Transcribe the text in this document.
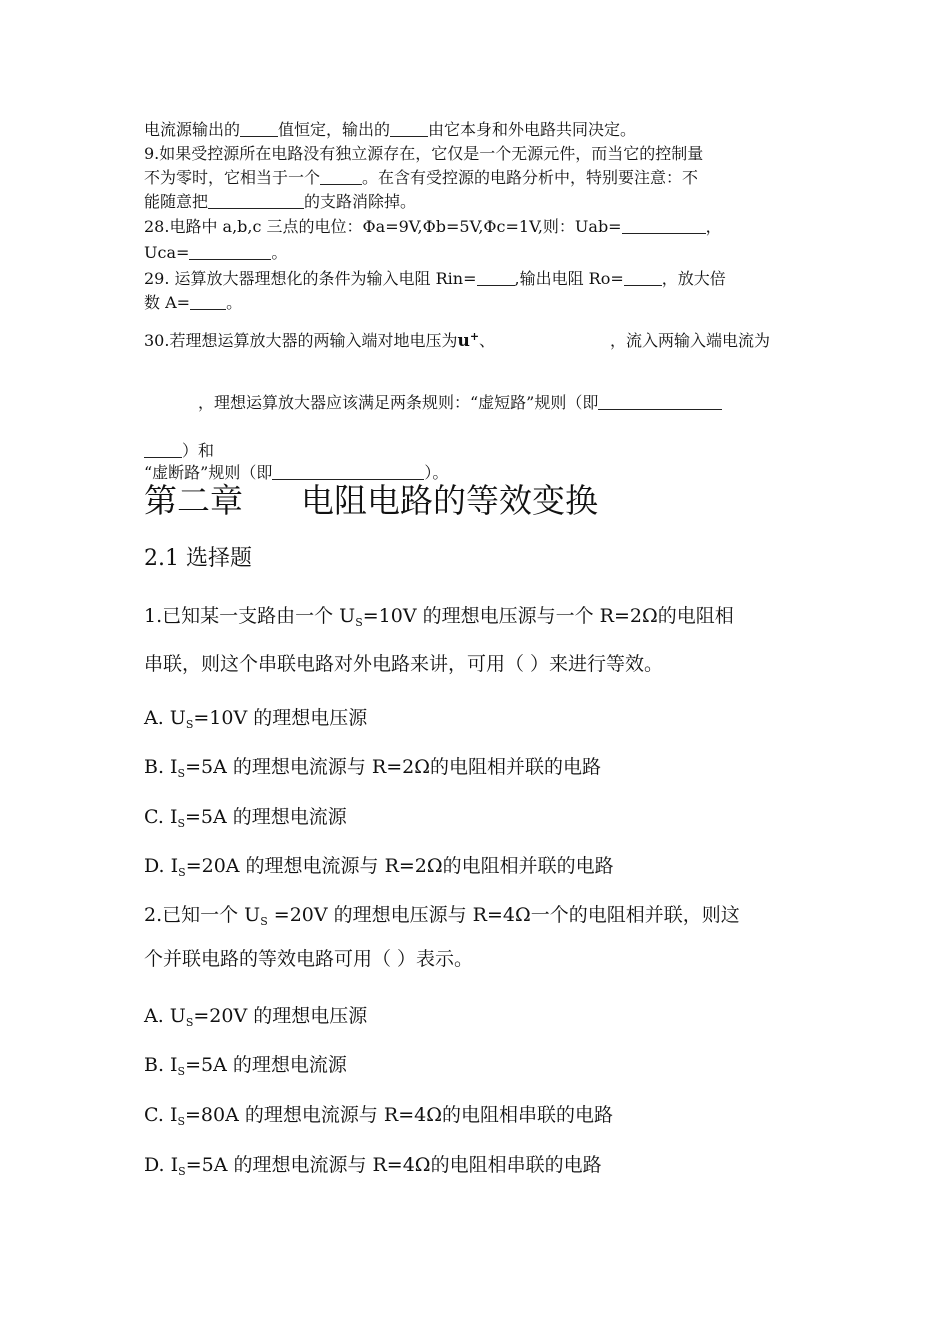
电流源输出的 值恒定，输出的 由它本身和外电路共同决定。
9.如果受控源所在电路没有独立源存在，它仅是一个无源元件，而当它的控制量
不为零时，它相当于一个	。在含有受控源的电路分析中，特别要注意：不
能随意把	的支路消除掉。
28.电路中 a,b,c 三点的电位：Φa=9V,Φb=5V,Φc=1V,则：Uab=	，
Uca=	。
29. 运算放大器理想化的条件为输入电阻 Rin= ,输出电阻 Ro= ，放大倍
数 A= 。
30.若理想运算放大器的两输入端对地电压为u+、	，流入两输入端电流为
，理想运算放大器应该满足两条规则：“虚短路”规则（即
）和
“虚断路”规则（即	）。
第二章 电阻电路的等效变换
2.1 选择题
1.已知某一支路由一个 $U_S=10V$ 的理想电压源与一个 R=2Ω的电阻相
串联，则这个串联电路对外电路来讲，可用（ ）来进行等效。
A. $U_S=10V$ 的理想电压源
B. $I_S=5A$ 的理想电流源与 R=2Ω的电阻相并联的电路
C. $I_S=5A$ 的理想电流源
D. $I_S=20A$ 的理想电流源与 R=2Ω的电阻相并联的电路
2.已知一个 $U_S =20V$ 的理想电压源与 R=4Ω一个的电阻相并联，则这
个并联电路的等效电路可用（ ）表示。
A. $U_S=20V$ 的理想电压源
B. $I_S=5A$ 的理想电流源
C. $I_S=80A$ 的理想电流源与 R=4Ω的电阻相串联的电路
D. $I_S=5A$ 的理想电流源与 R=4Ω的电阻相串联的电路
